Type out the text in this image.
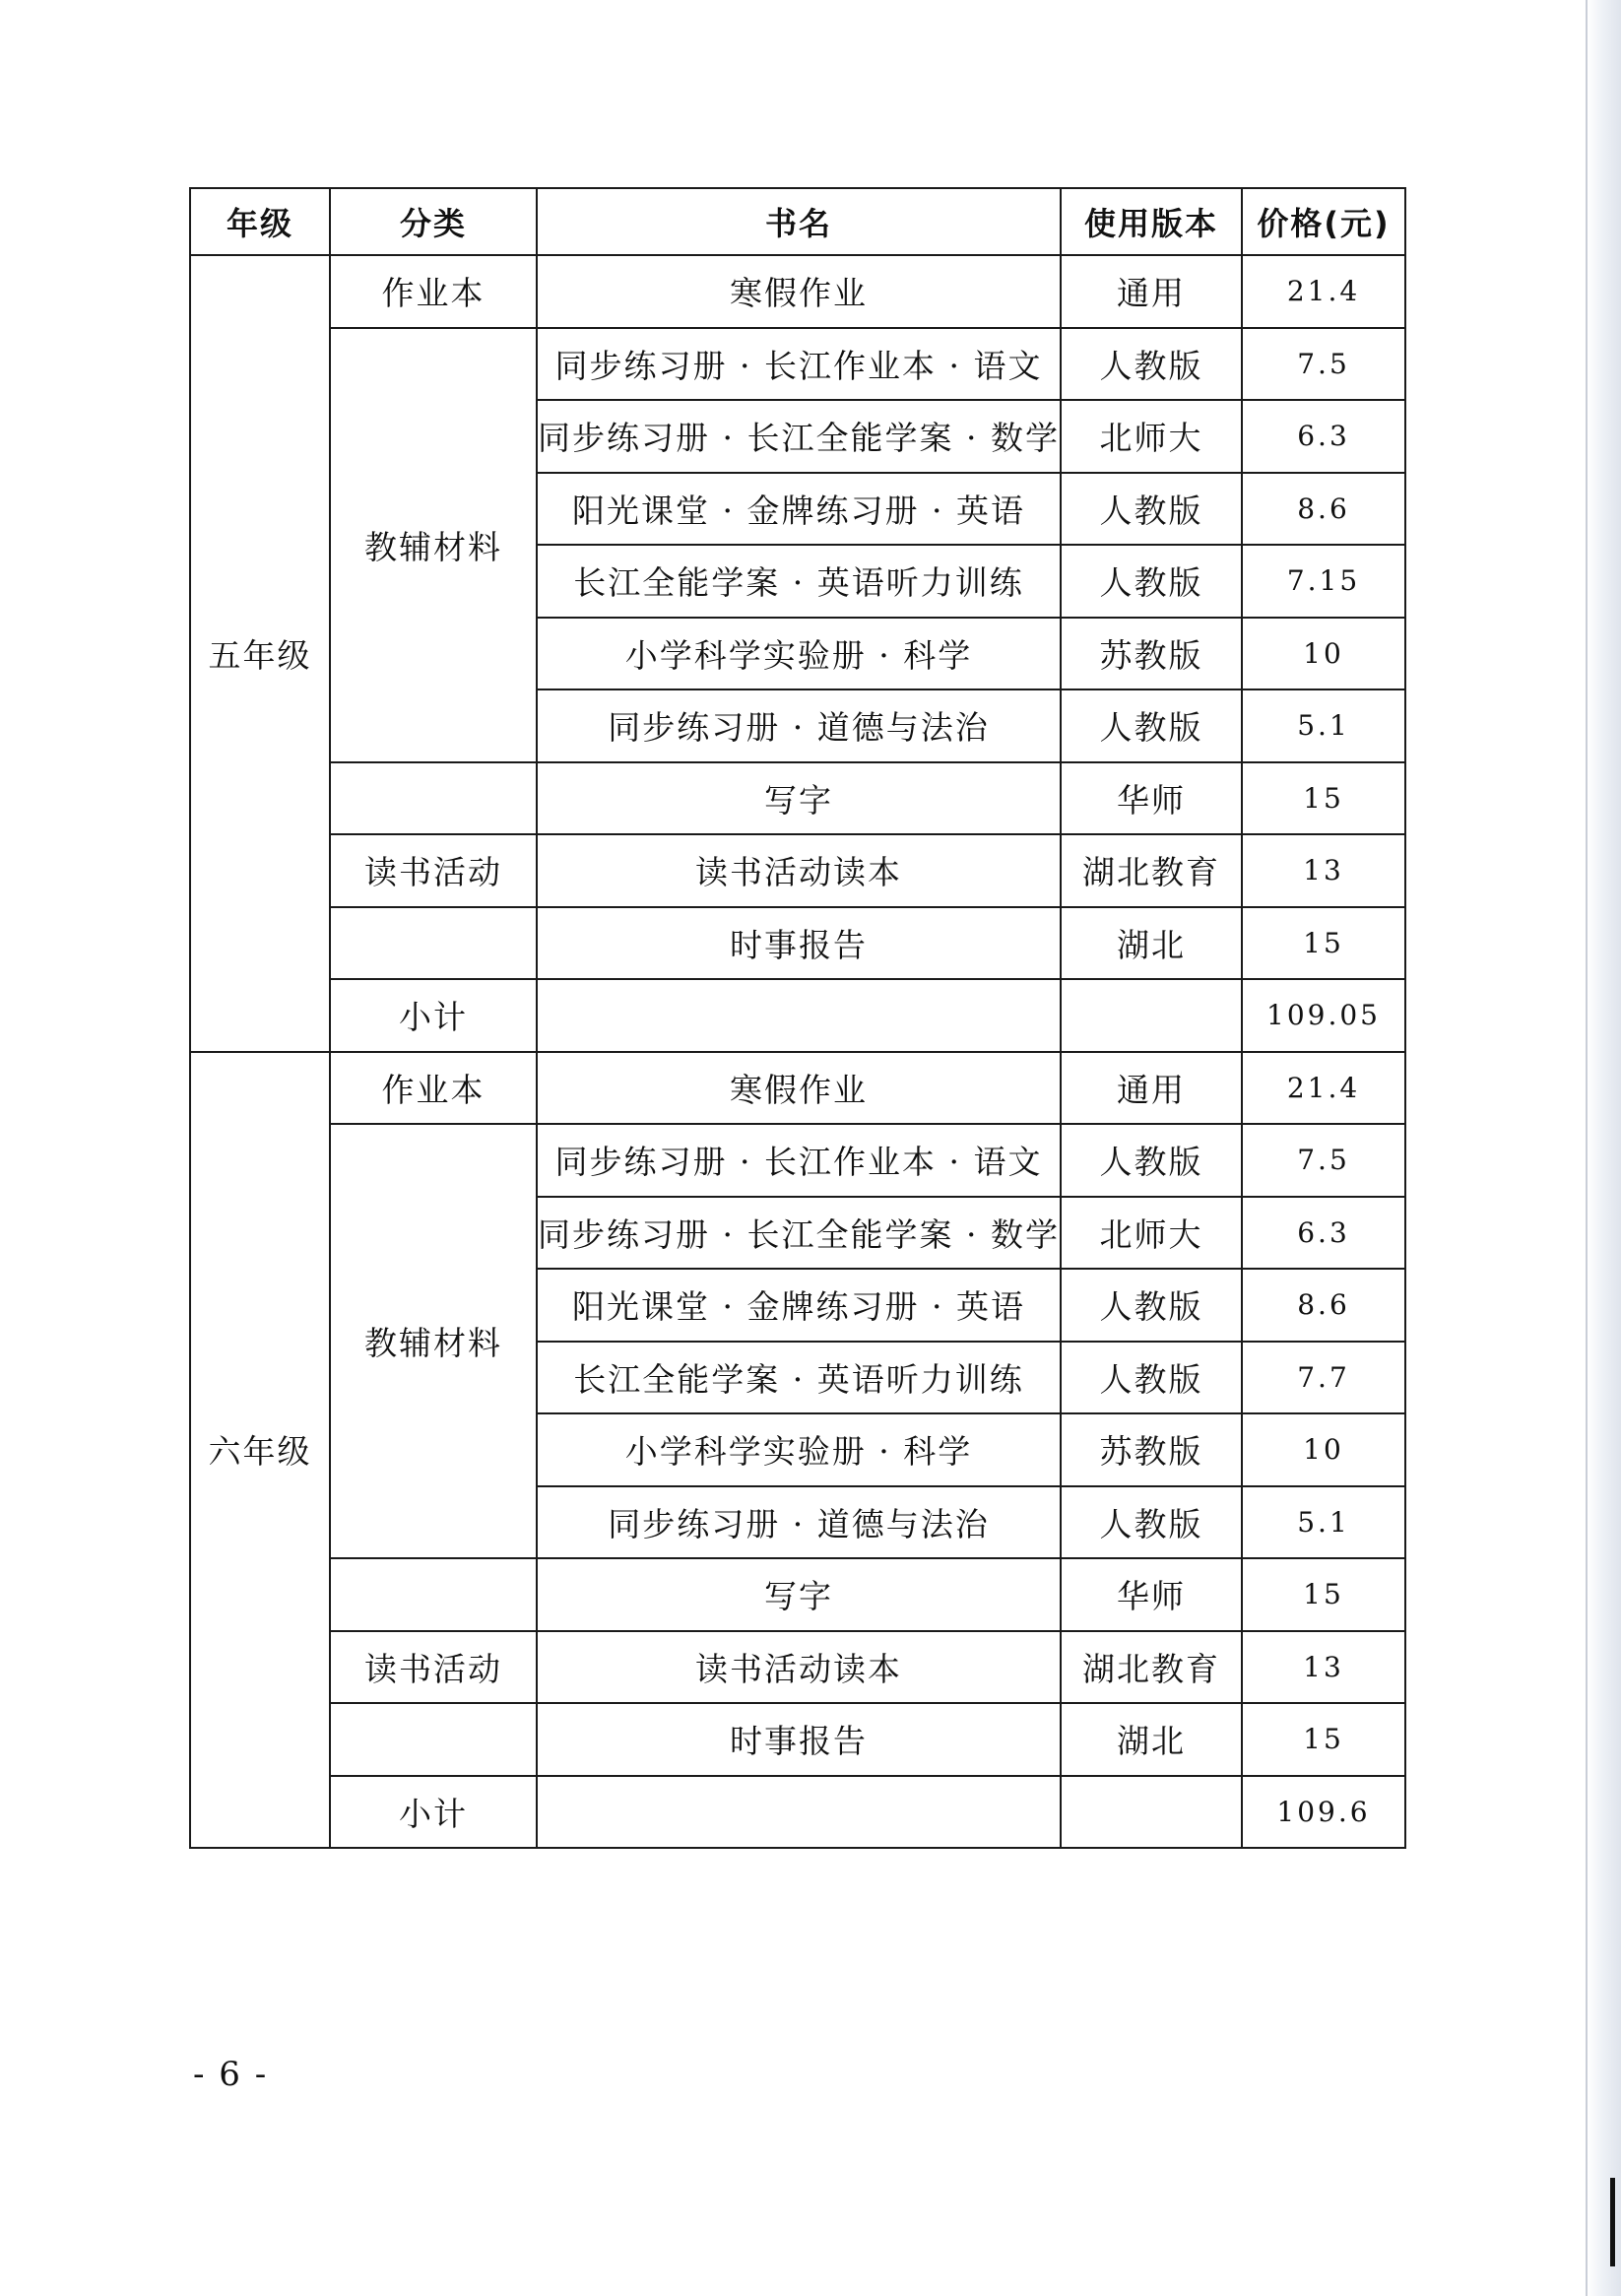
年级	分类	书名	使用版本	价格(元)
五年级	作业本	寒假作业	通用	21.4
	教辅材料	同步练习册 · 长江作业本 · 语文	人教版	7.5
		同步练习册 · 长江全能学案 · 数学	北师大	6.3
		阳光课堂 · 金牌练习册 · 英语	人教版	8.6
		长江全能学案 · 英语听力训练	人教版	7.15
		小学科学实验册 · 科学	苏教版	10
		同步练习册 · 道德与法治	人教版	5.1
		写字	华师	15
	读书活动	读书活动读本	湖北教育	13
		时事报告	湖北	15
	小计			109.05
六年级	作业本	寒假作业	通用	21.4
	教辅材料	同步练习册 · 长江作业本 · 语文	人教版	7.5
		同步练习册 · 长江全能学案 · 数学	北师大	6.3
		阳光课堂 · 金牌练习册 · 英语	人教版	8.6
		长江全能学案 · 英语听力训练	人教版	7.7
		小学科学实验册 · 科学	苏教版	10
		同步练习册 · 道德与法治	人教版	5.1
		写字	华师	15
	读书活动	读书活动读本	湖北教育	13
		时事报告	湖北	15
	小计			109.6
- 6 -
